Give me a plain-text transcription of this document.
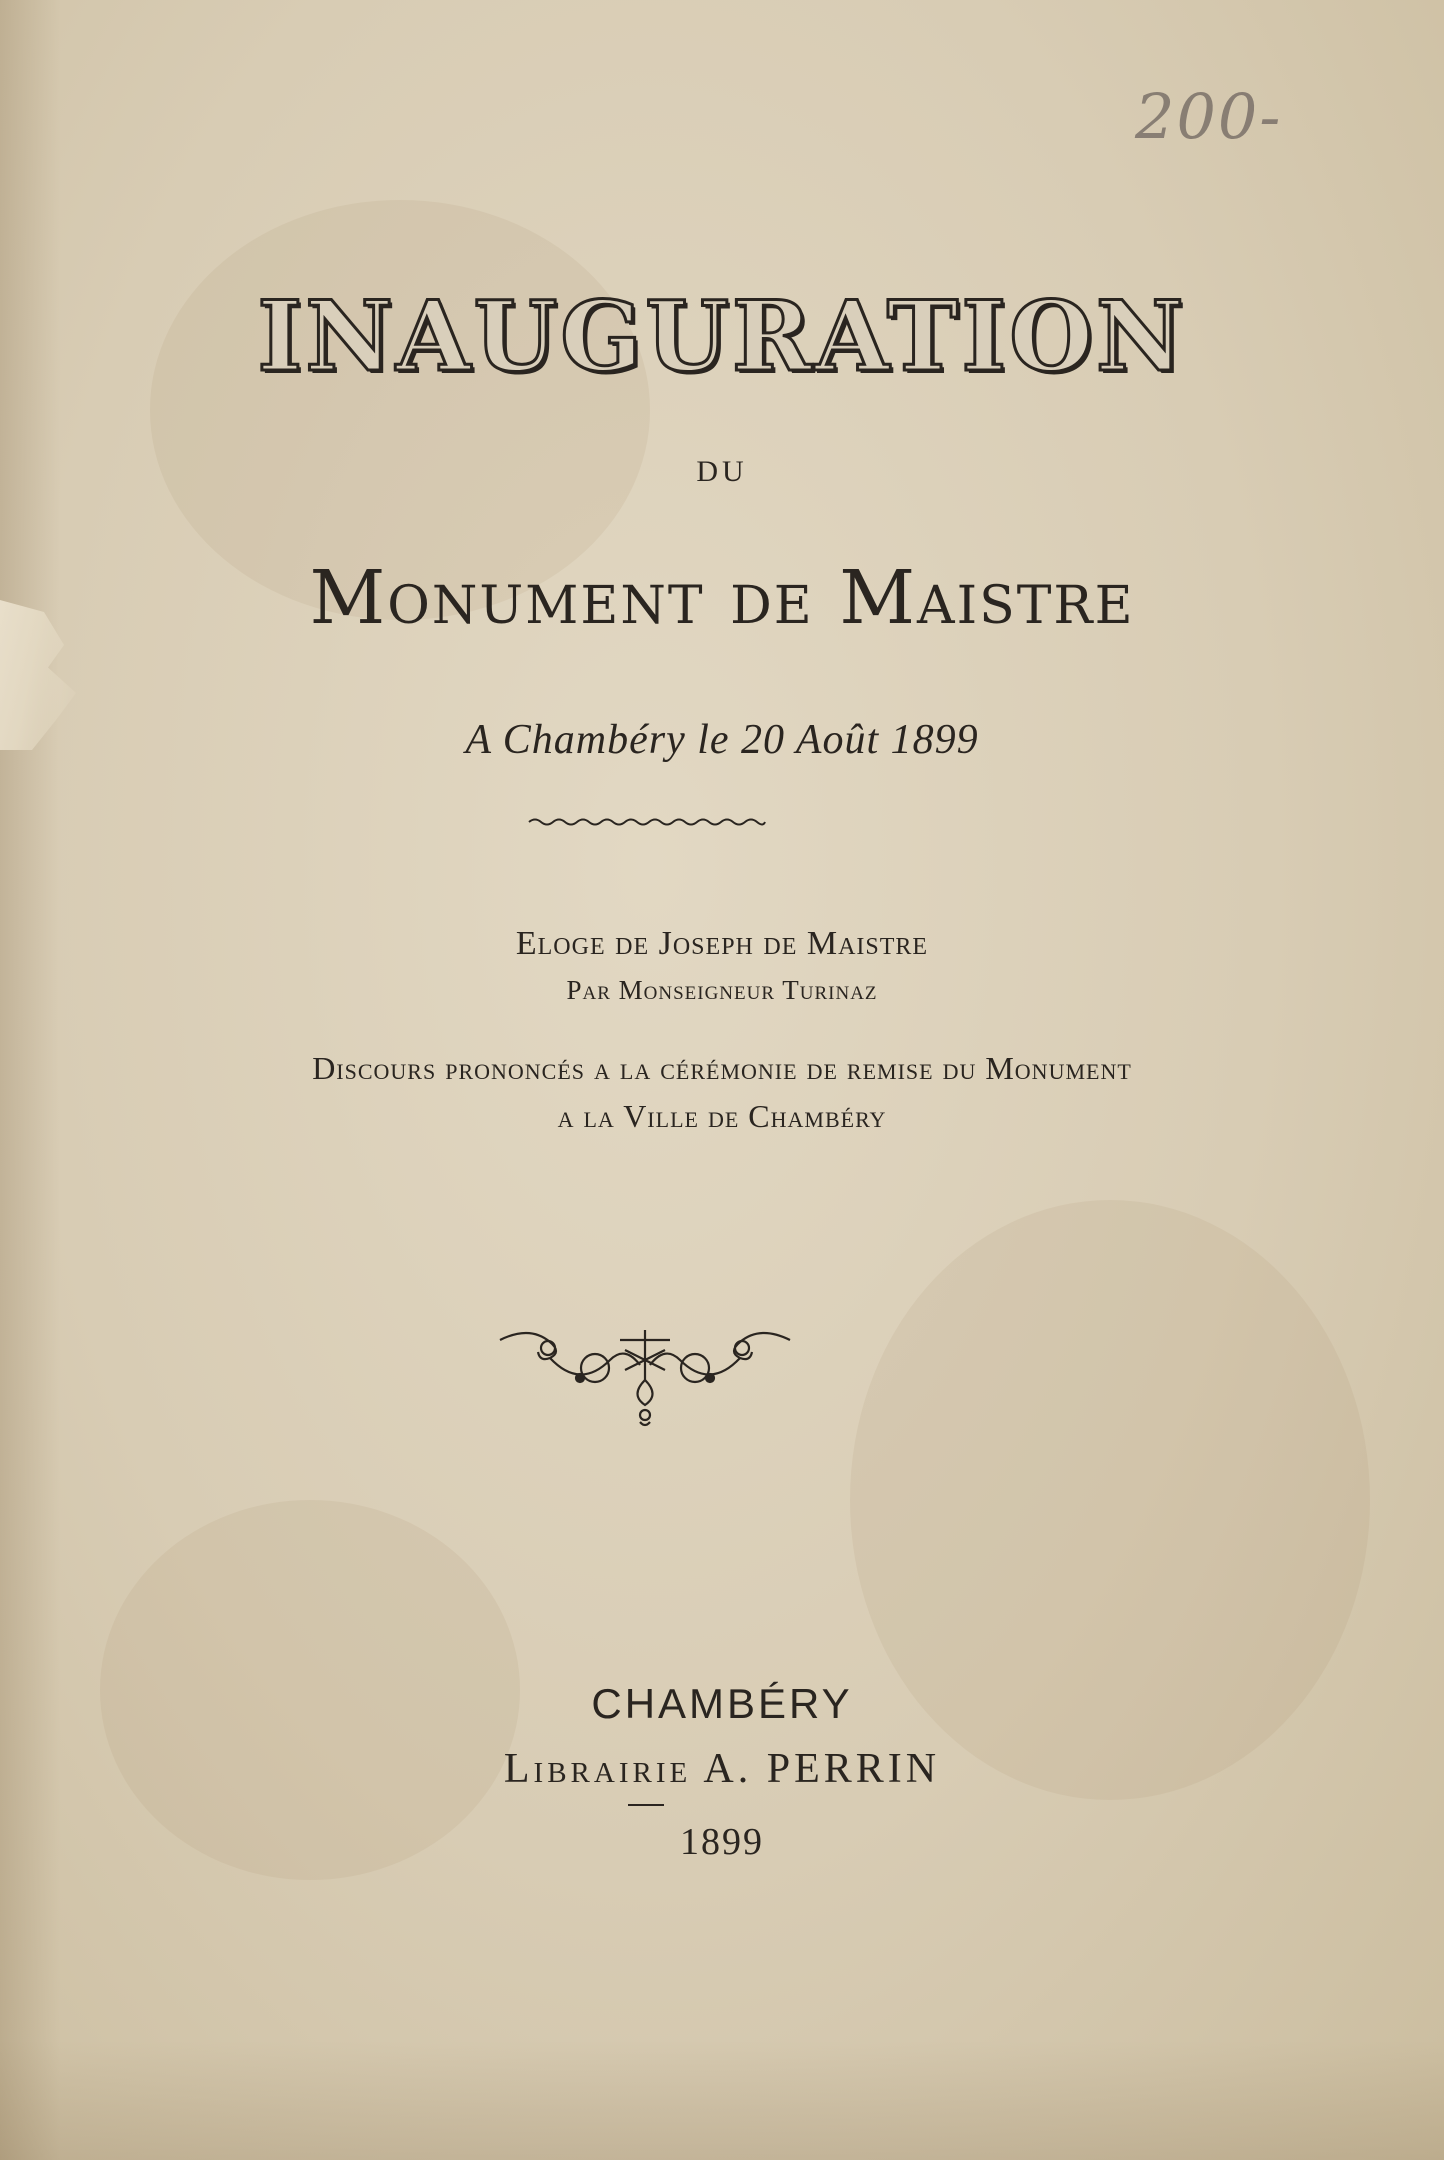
200-
INAUGURATION
DU
Monument de Maistre
A Chambéry le 20 Août 1899
Eloge de Joseph de Maistre
Par Monseigneur Turinaz
Discours prononcés a la cérémonie de remise du Monument
a la Ville de Chambéry
CHAMBÉRY
Librairie A. PERRIN
1899
